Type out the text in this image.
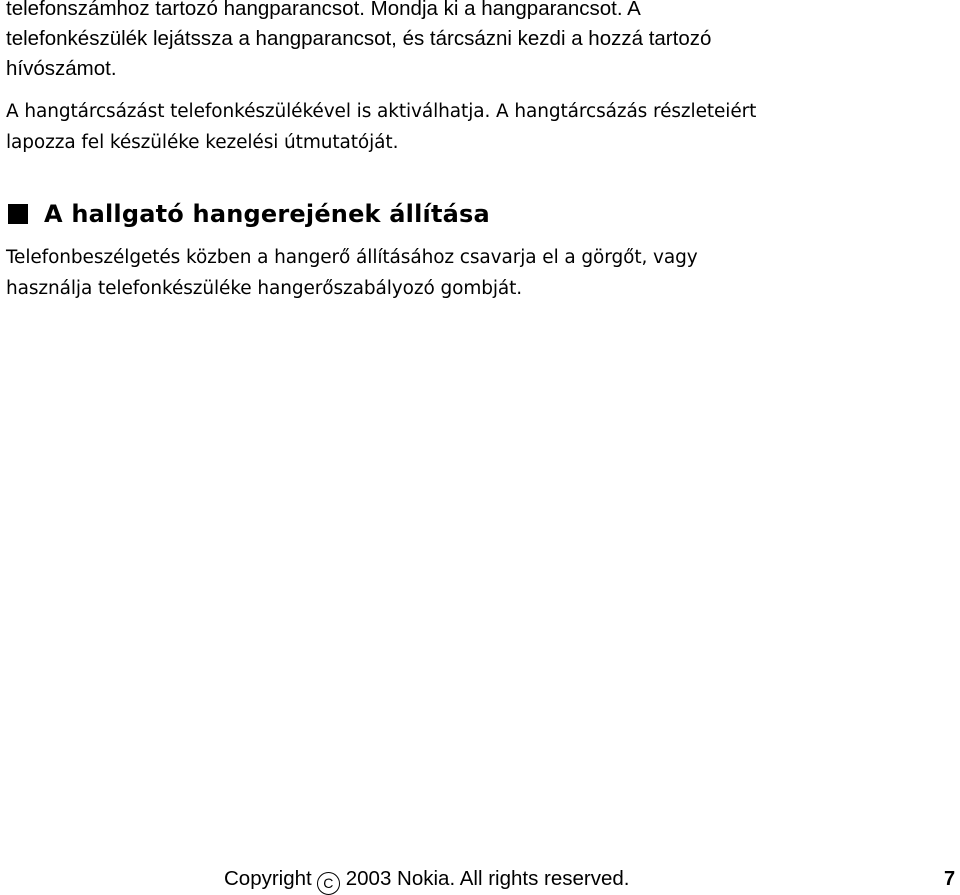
telefonszámhoz tartozó hangparancsot. Mondja ki a hangparancsot. A
telefonkészülék lejátssza a hangparancsot, és tárcsázni kezdi a hozzá tartozó
hívószámot.

A hangtárcsázást telefonkészülékével is aktiválhatja. A hangtárcsázás részleteiért
lapozza fel készüléke kezelési útmutatóját.

A hallgató hangerejének állítása

Telefonbeszélgetés közben a hangerő állításához csavarja el a görgőt, vagy
használja telefonkészüléke hangerőszabályozó gombját.

Copyright C 2003 Nokia. All rights reserved.	7
